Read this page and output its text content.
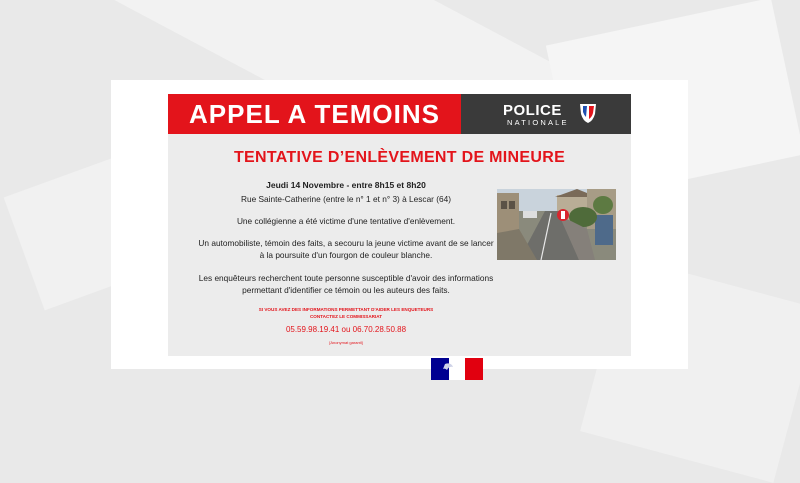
APPEL A TEMOINS	POLICE
NATIONALE
TENTATIVE D’ENLÈVEMENT DE MINEURE
Jeudi 14 Novembre - entre 8h15 et 8h20
Rue Sainte-Catherine (entre le n° 1 et n° 3) à Lescar (64)
Une collégienne a été victime d'une tentative d'enlèvement.
Un automobiliste, témoin des faits, a secouru la jeune victime avant de se lancer
à la poursuite d'un fourgon de couleur blanche.
Les enquêteurs recherchent toute personne susceptible d'avoir des informations
permettant d'identifier ce témoin ou les auteurs des faits.
SI VOUS AVEZ DES INFORMATIONS PERMETTANT D'AIDER LES ENQUETEURS
CONTACTEZ LE COMMISSARIAT
05.59.98.19.41 ou 06.70.28.50.88
[Anonymat garanti]
